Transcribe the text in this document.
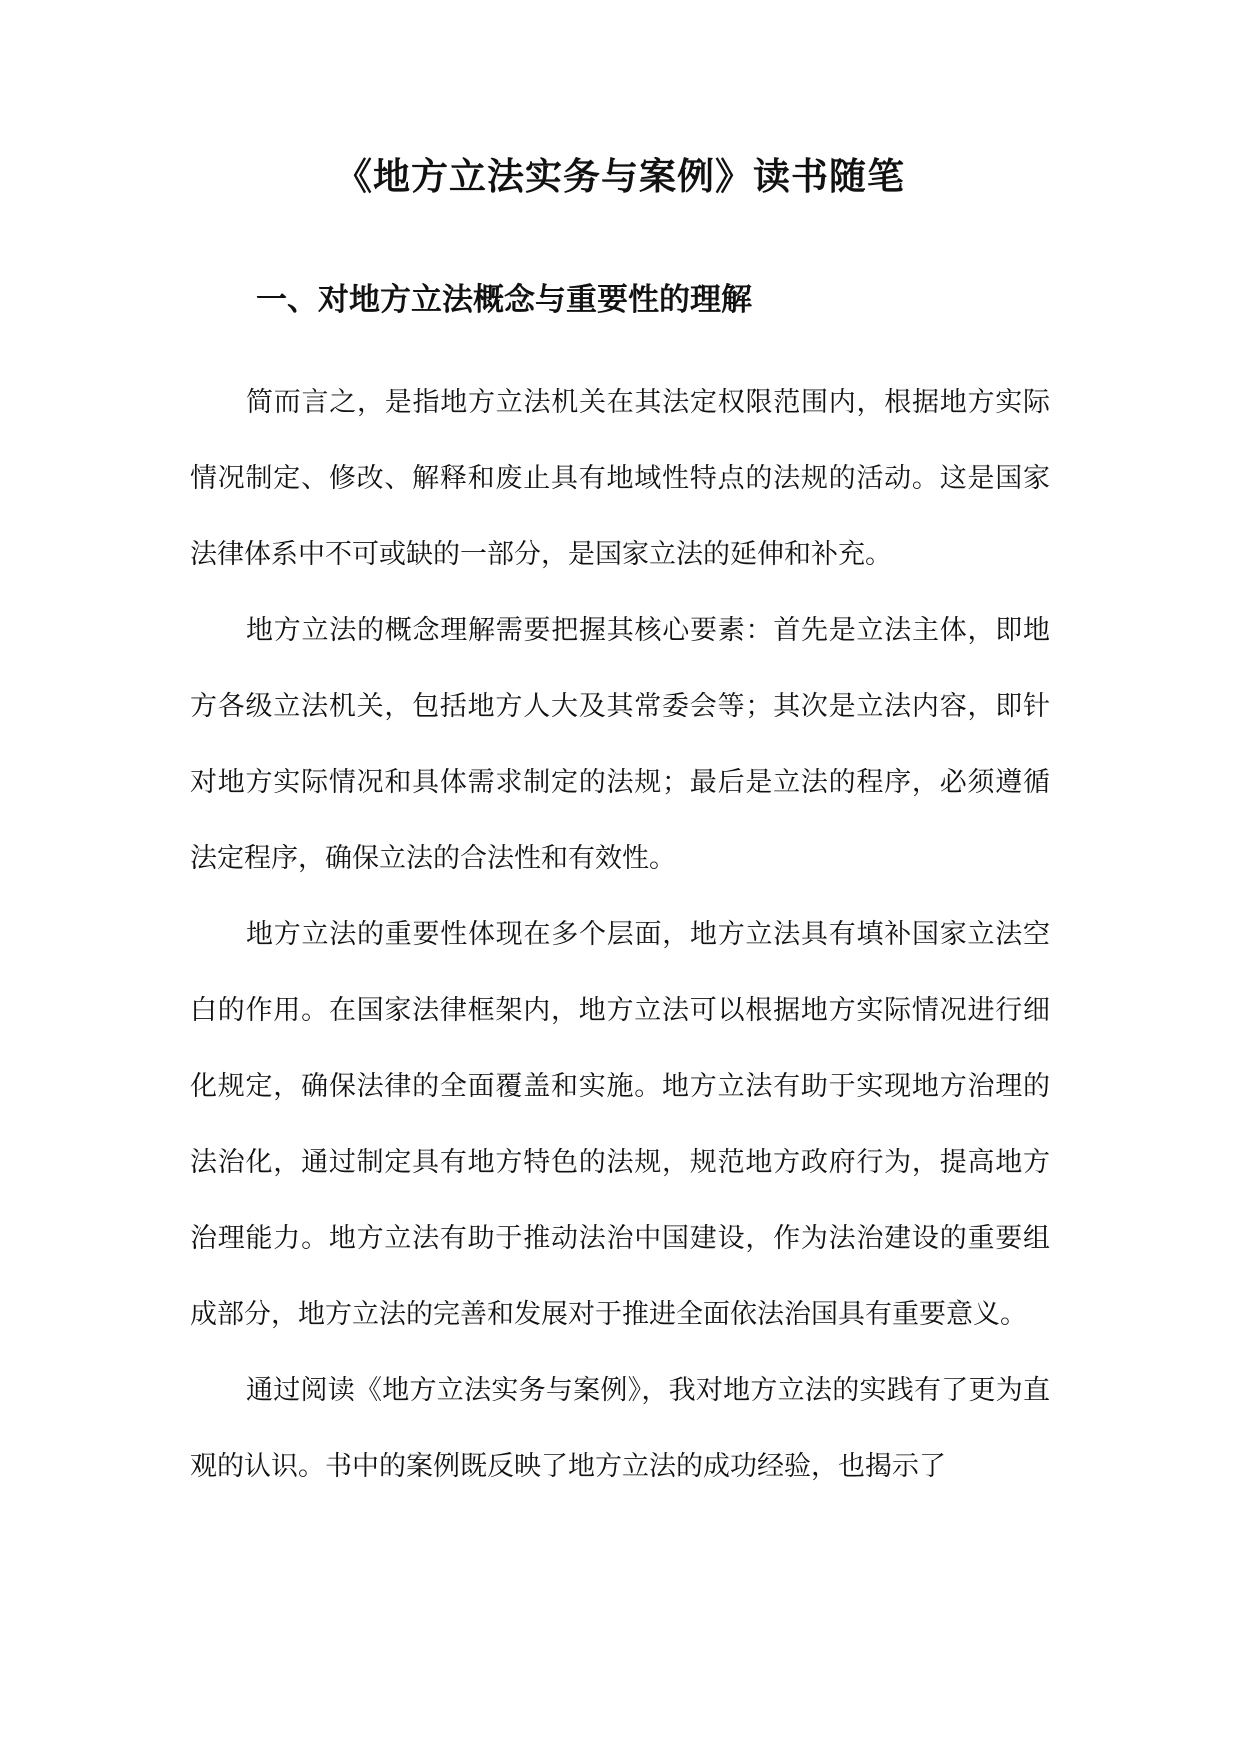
《地方立法实务与案例》读书随笔
一、对地方立法概念与重要性的理解

简而言之，是指地方立法机关在其法定权限范围内，根据地方实际情况制定、修改、解释和废止具有地域性特点的法规的活动。这是国家法律体系中不可或缺的一部分，是国家立法的延伸和补充。

地方立法的概念理解需要把握其核心要素：首先是立法主体，即地方各级立法机关，包括地方人大及其常委会等；其次是立法内容，即针对地方实际情况和具体需求制定的法规；最后是立法的程序，必须遵循法定程序，确保立法的合法性和有效性。

地方立法的重要性体现在多个层面，地方立法具有填补国家立法空白的作用。在国家法律框架内，地方立法可以根据地方实际情况进行细化规定，确保法律的全面覆盖和实施。地方立法有助于实现地方治理的法治化，通过制定具有地方特色的法规，规范地方政府行为，提高地方治理能力。地方立法有助于推动法治中国建设，作为法治建设的重要组成部分，地方立法的完善和发展对于推进全面依法治国具有重要意义。

通过阅读《地方立法实务与案例》，我对地方立法的实践有了更为直观的认识。书中的案例既反映了地方立法的成功经验，也揭示了
